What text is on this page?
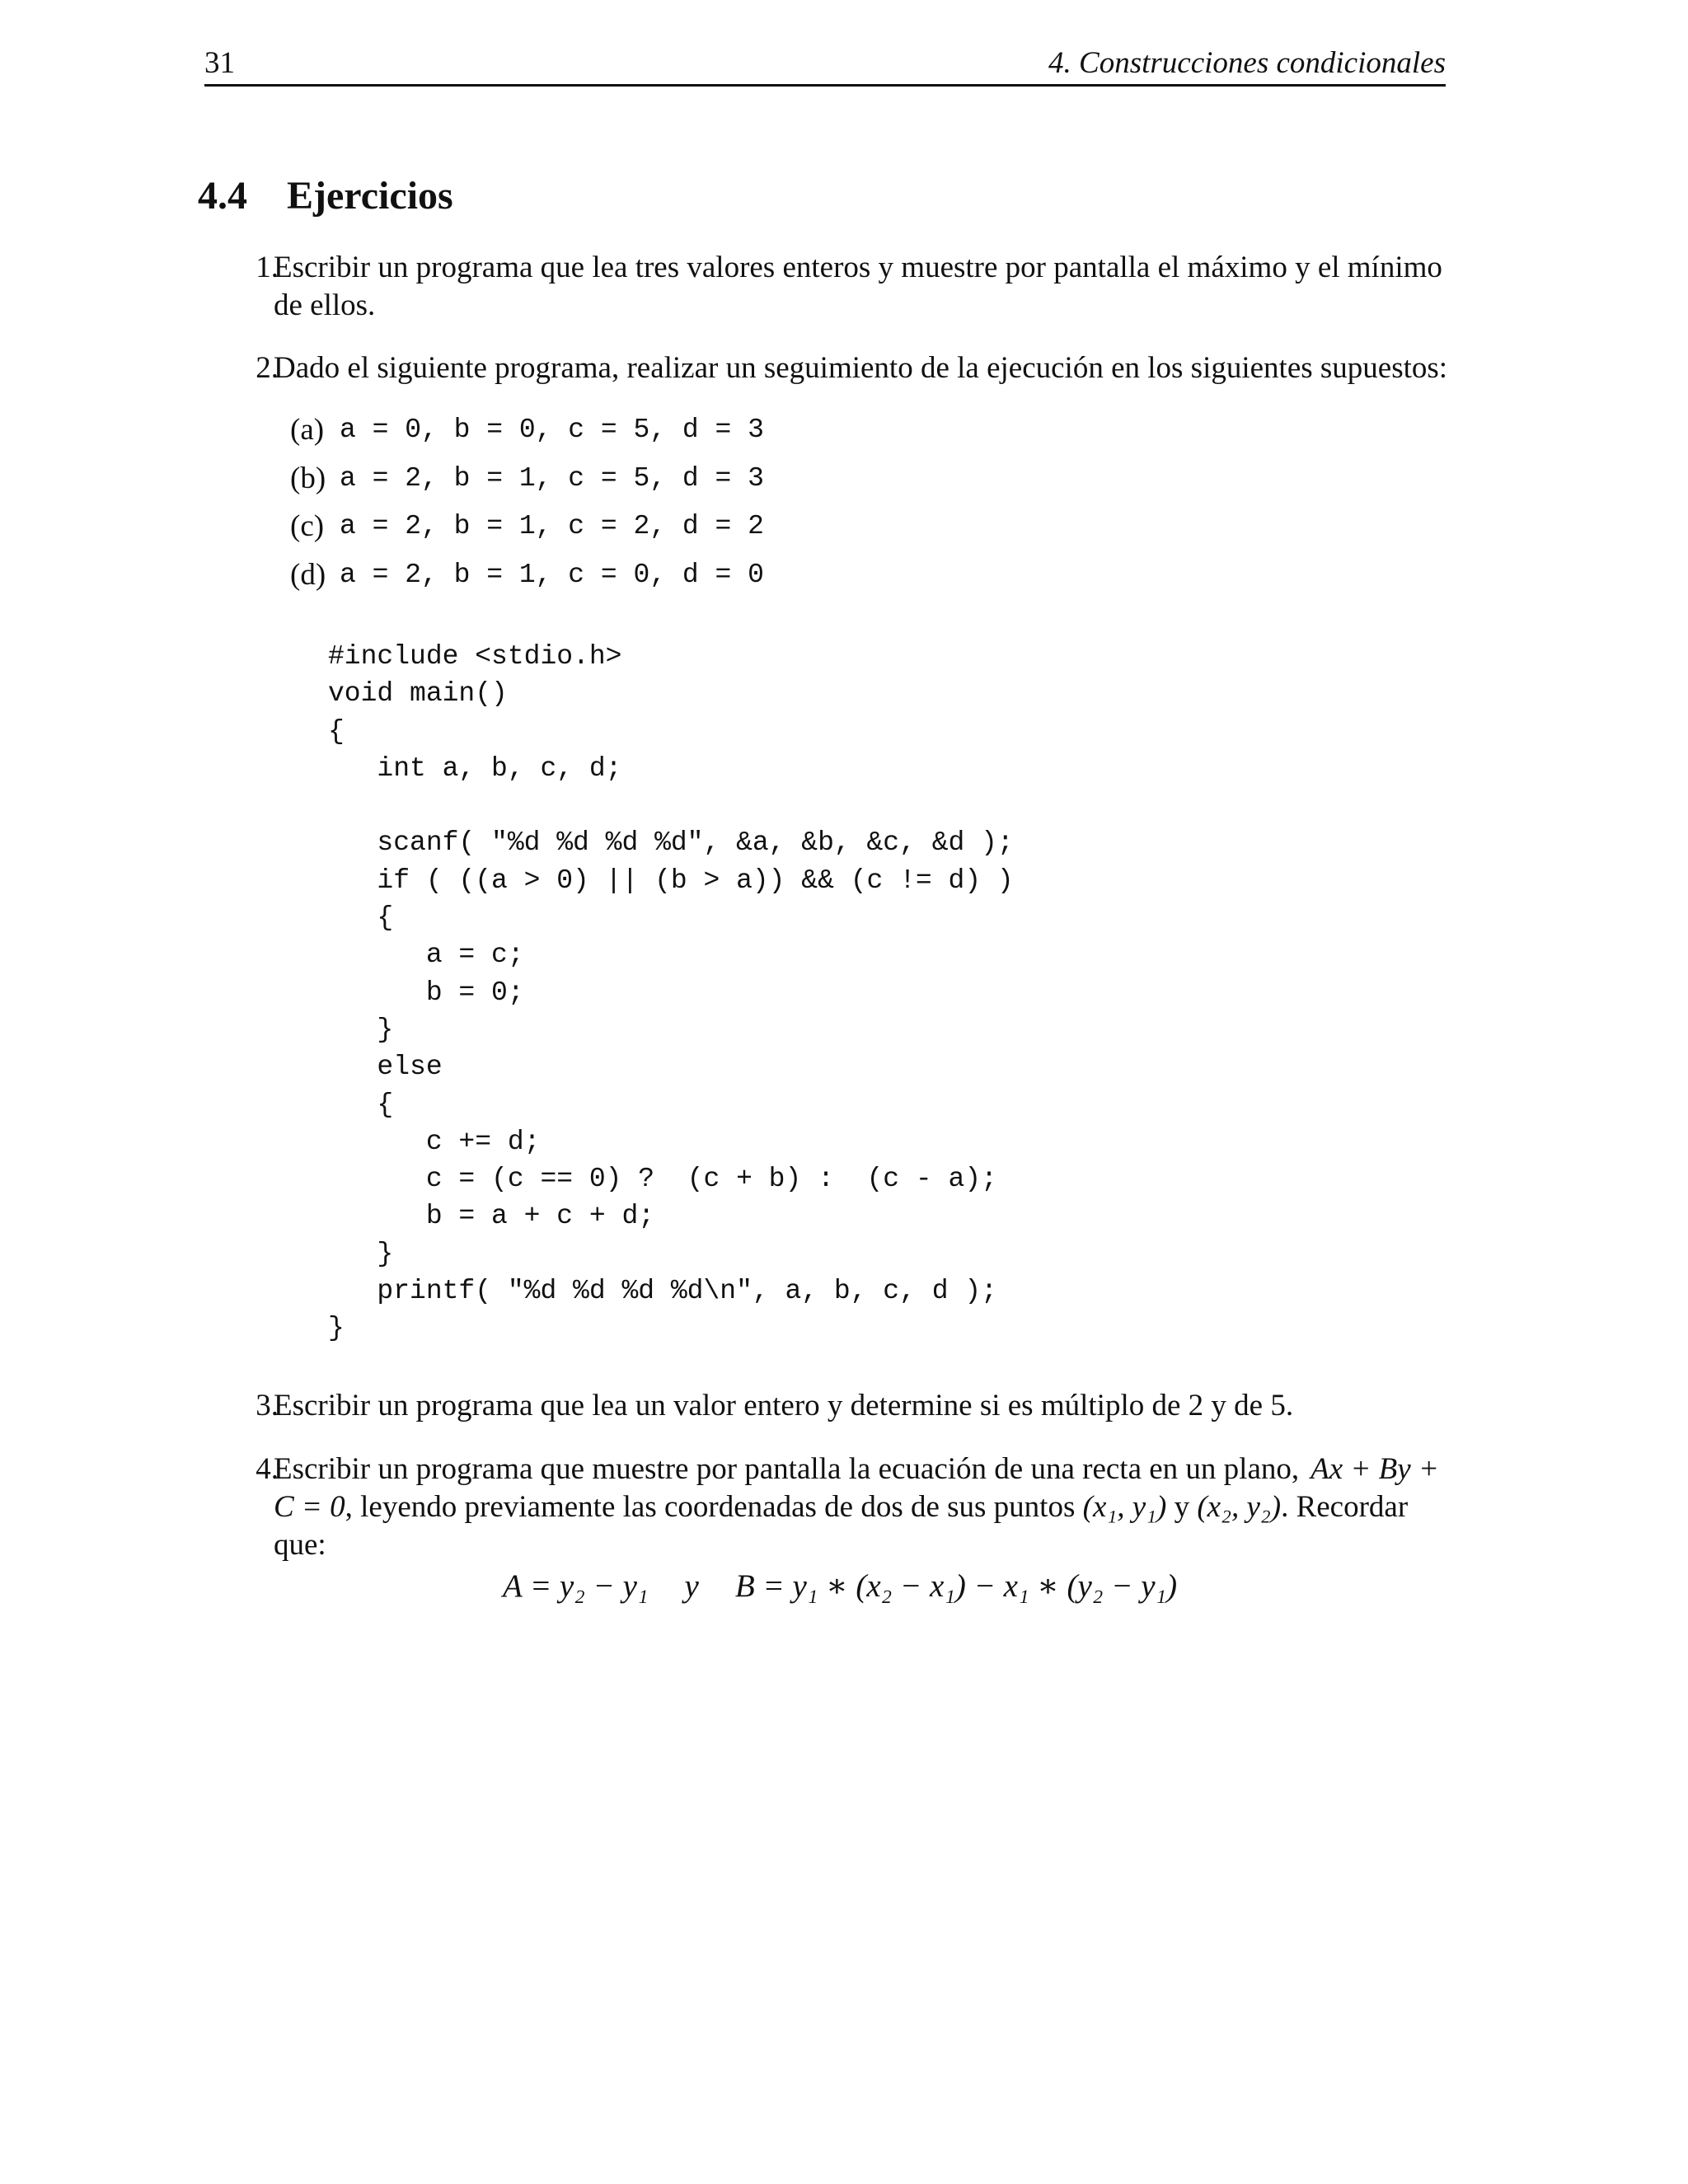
31	4. Construcciones condicionales
4.4 Ejercicios
1.

Escribir un programa que lea tres valores enteros y muestre por pantalla el máximo y el mínimo

de ellos.

2.

Dado el siguiente programa, realizar un seguimiento de la ejecución en los siguientes supuestos:

(a) a = 0, b = 0, c = 5, d = 3
(b) a = 2, b = 1, c = 5, d = 3
(c) a = 2, b = 1, c = 2, d = 2
(d) a = 2, b = 1, c = 0, d = 0
#include <stdio.h>
void main()
{
int a, b, c, d;
scanf( "%d %d %d %d", &a, &b, &c, &d );
if ( ((a > 0) || (b > a)) && (c != d) )
{
a = c;
b = 0;
}
else
{
c += d;
c = (c == 0) ?  (c + b) :  (c - a);
b = a + c + d;
}
printf( "%d %d %d %d\n", a, b, c, d );
}
3.

Escribir un programa que lea un valor entero y determine si es múltiplo de 2 y de 5.

4.

Escribir un programa que muestre por pantalla la ecuación de una recta en un plano, Ax + By +

C = 0, leyendo previamente las coordenadas de dos de sus puntos (x₁, y₁) y (x₂, y₂). Recordar

que:

A = y₂ − y₁ y B = y₁ ∗ (x₂ − x₁) − x₁ ∗ (y₂ − y₁)
